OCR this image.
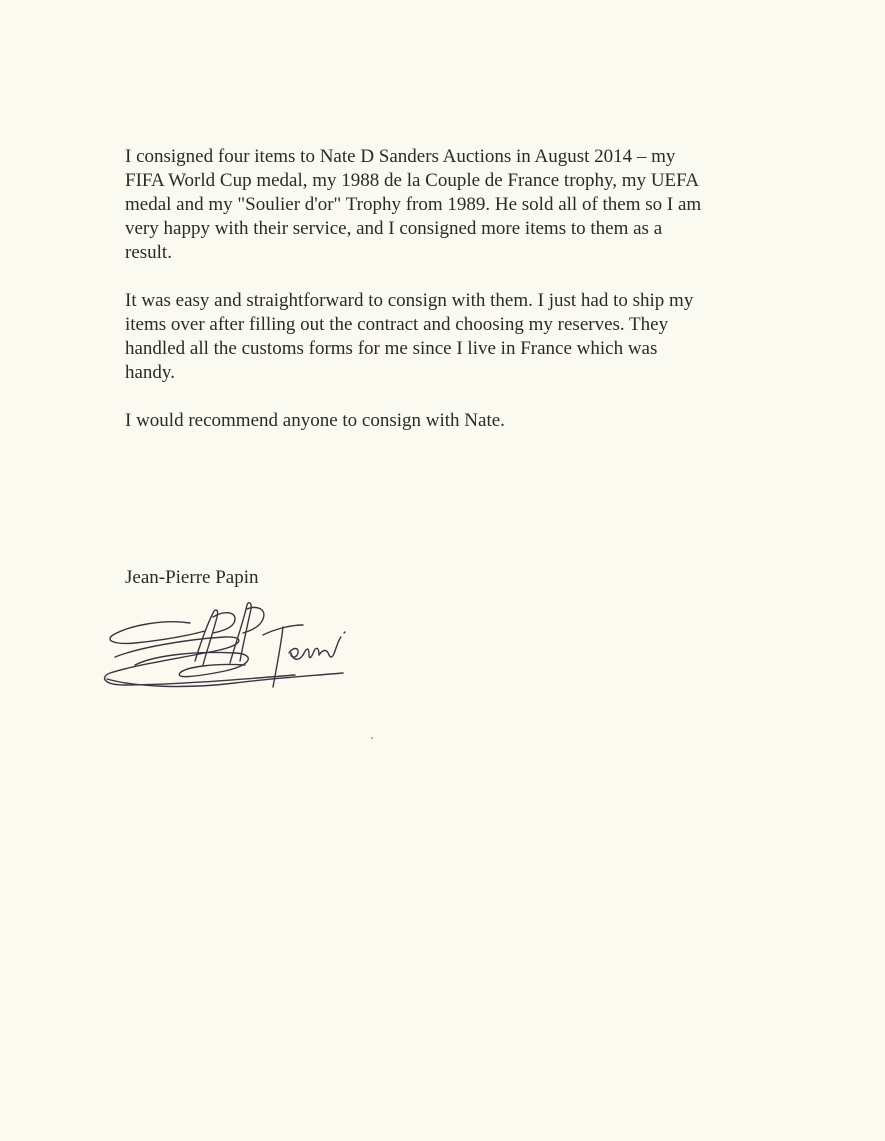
I consigned four items to Nate D Sanders Auctions in August 2014 – my
FIFA World Cup medal, my 1988 de la Couple de France trophy, my UEFA
medal and my "Soulier d'or" Trophy from 1989. He sold all of them so I am
very happy with their service, and I consigned more items to them as a
result.

It was easy and straightforward to consign with them. I just had to ship my
items over after filling out the contract and choosing my reserves. They
handled all the customs forms for me since I live in France which was
handy.

I would recommend anyone to consign with Nate.

Jean-Pierre Papin
